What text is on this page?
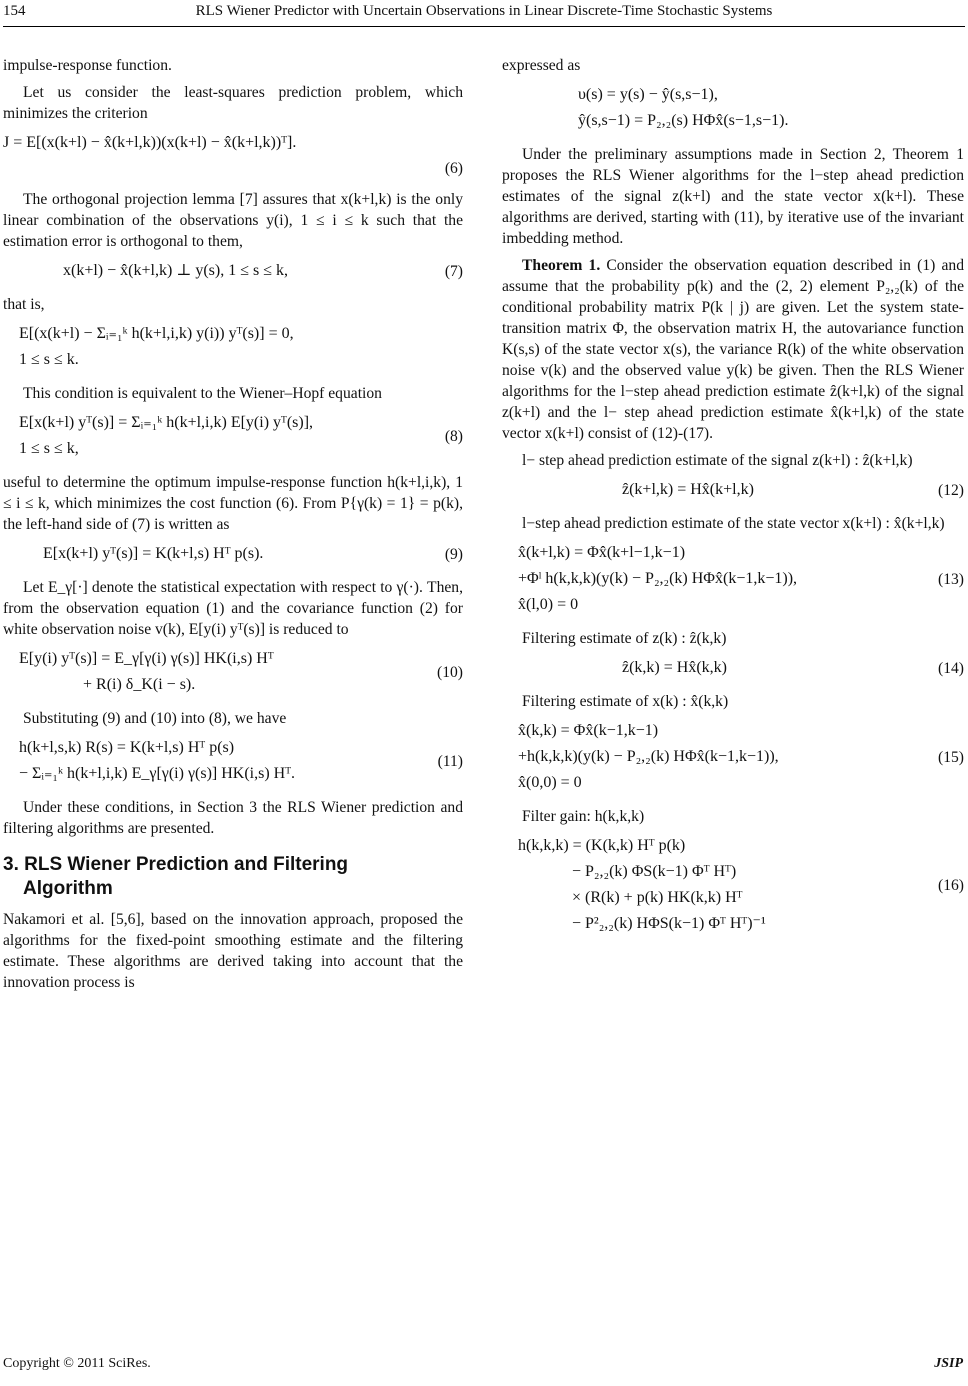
154	RLS Wiener Predictor with Uncertain Observations in Linear Discrete-Time Stochastic Systems

impulse-response function.

Let us consider the least-squares prediction problem, which minimizes the criterion

J = E[(x(k+l) − x̂(k+l,k))(x(k+l) − x̂(k+l,k))ᵀ].
(6)

The orthogonal projection lemma [7] assures that x(k+l,k) is the only linear combination of the observations y(i), 1 ≤ i ≤ k such that the estimation error is orthogonal to them,

x(k+l) − x̂(k+l,k) ⊥ y(s), 1 ≤ s ≤ k,	(7)

that is,

E[(x(k+l) − Σᵢ₌₁ᵏ h(k+l,i,k) y(i)) yᵀ(s)] = 0,
1 ≤ s ≤ k.

This condition is equivalent to the Wiener–Hopf equation

E[x(k+l) yᵀ(s)] = Σᵢ₌₁ᵏ h(k+l,i,k) E[y(i) yᵀ(s)],
1 ≤ s ≤ k,
(8)

useful to determine the optimum impulse-response function h(k+l,i,k), 1 ≤ i ≤ k, which minimizes the cost function (6). From P{γ(k) = 1} = p(k), the left-hand side of (7) is written as

E[x(k+l) yᵀ(s)] = K(k+l,s) Hᵀ p(s).	(9)

Let E_γ[·] denote the statistical expectation with respect to γ(·). Then, from the observation equation (1) and the covariance function (2) for white observation noise v(k), E[y(i) yᵀ(s)] is reduced to

E[y(i) yᵀ(s)] = E_γ[γ(i) γ(s)] HK(i,s) Hᵀ
+ R(i) δ_K(i − s).
(10)

Substituting (9) and (10) into (8), we have

h(k+l,s,k) R(s) = K(k+l,s) Hᵀ p(s)
− Σᵢ₌₁ᵏ h(k+l,i,k) E_γ[γ(i) γ(s)] HK(i,s) Hᵀ.
(11)

Under these conditions, in Section 3 the RLS Wiener prediction and filtering algorithms are presented.

3. RLS Wiener Prediction and Filtering
Algorithm

Nakamori et al. [5,6], based on the innovation approach, proposed the algorithms for the fixed-point smoothing estimate and the filtering estimate. These algorithms are derived taking into account that the innovation process is

expressed as

υ(s) = y(s) − ŷ(s,s−1),
ŷ(s,s−1) = P₂,₂(s) HΦx̂(s−1,s−1).

Under the preliminary assumptions made in Section 2, Theorem 1 proposes the RLS Wiener algorithms for the l−step ahead prediction estimates of the signal z(k+l) and the state vector x(k+l). These algorithms are derived, starting with (11), by iterative use of the invariant imbedding method.

Theorem 1. Consider the observation equation described in (1) and assume that the probability p(k) and the (2, 2) element P₂,₂(k) of the conditional probability matrix P(k | j) are given. Let the system state-transition matrix Φ, the observation matrix H, the autovariance function K(s,s) of the state vector x(s), the variance R(k) of the white observation noise v(k) and the observed value y(k) be given. Then the RLS Wiener algorithms for the l−step ahead prediction estimate ẑ(k+l,k) of the signal z(k+l) and the l− step ahead prediction estimate x̂(k+l,k) of the state vector x(k+l) consist of (12)-(17).

l− step ahead prediction estimate of the signal z(k+l) : ẑ(k+l,k)

ẑ(k+l,k) = Hx̂(k+l,k)	(12)

l−step ahead prediction estimate of the state vector x(k+l) : x̂(k+l,k)

x̂(k+l,k) = Φx̂(k+l−1,k−1)
+Φˡ h(k,k,k)(y(k) − P₂,₂(k) HΦx̂(k−1,k−1)),
x̂(l,0) = 0
(13)

Filtering estimate of z(k) : ẑ(k,k)

ẑ(k,k) = Hx̂(k,k)	(14)

Filtering estimate of x(k) : x̂(k,k)

x̂(k,k) = Φx̂(k−1,k−1)
+h(k,k,k)(y(k) − P₂,₂(k) HΦx̂(k−1,k−1)),
x̂(0,0) = 0
(15)

Filter gain: h(k,k,k)

h(k,k,k) = (K(k,k) Hᵀ p(k)
− P₂,₂(k) ΦS(k−1) Φᵀ Hᵀ)
× (R(k) + p(k) HK(k,k) Hᵀ
− P²₂,₂(k) HΦS(k−1) Φᵀ Hᵀ)⁻¹
(16)
Copyright © 2011 SciRes.	JSIP
